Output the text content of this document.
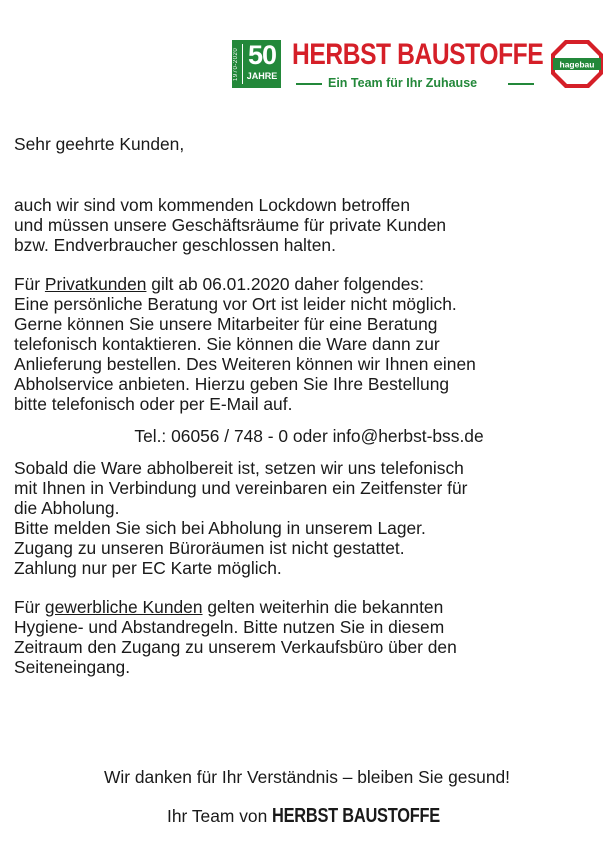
1970-2020 50
JAHRE
HERBST BAUSTOFFE
Ein Team für Ihr Zuhause
hagebau

Sehr geehrte Kunden,

auch wir sind vom kommenden Lockdown betroffen
und müssen unsere Geschäftsräume für private Kunden
bzw. Endverbraucher geschlossen halten.

Für Privatkunden gilt ab 06.01.2020 daher folgendes:
Eine persönliche Beratung vor Ort ist leider nicht möglich.
Gerne können Sie unsere Mitarbeiter für eine Beratung
telefonisch kontaktieren. Sie können die Ware dann zur
Anlieferung bestellen. Des Weiteren können wir Ihnen einen
Abholservice anbieten. Hierzu geben Sie Ihre Bestellung
bitte telefonisch oder per E-Mail auf.

Tel.: 06056 / 748 - 0 oder info@herbst-bss.de

Sobald die Ware abholbereit ist, setzen wir uns telefonisch
mit Ihnen in Verbindung und vereinbaren ein Zeitfenster für
die Abholung.
Bitte melden Sie sich bei Abholung in unserem Lager.
Zugang zu unseren Büroräumen ist nicht gestattet.
Zahlung nur per EC Karte möglich.

Für gewerbliche Kunden gelten weiterhin die bekannten
Hygiene- und Abstandregeln. Bitte nutzen Sie in diesem
Zeitraum den Zugang zu unserem Verkaufsbüro über den
Seiteneingang.

Wir danken für Ihr Verständnis – bleiben Sie gesund!
Ihr Team von HERBST BAUSTOFFE
